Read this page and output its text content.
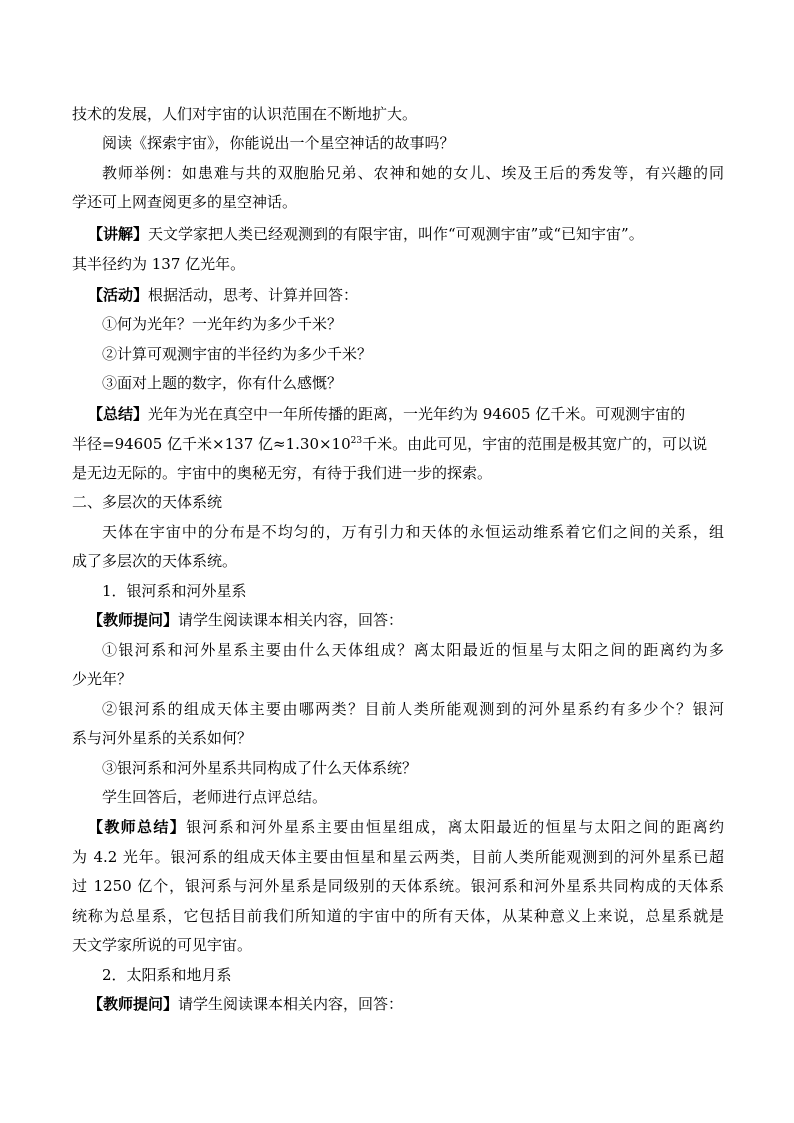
技术的发展，人们对宇宙的认识范围在不断地扩大。
阅读《探索宇宙》，你能说出一个星空神话的故事吗？
教师举例：如患难与共的双胞胎兄弟、农神和她的女儿、埃及王后的秀发等，有兴趣的同
学还可上网查阅更多的星空神话。
【讲解】天文学家把人类已经观测到的有限宇宙，叫作“可观测宇宙”或“已知宇宙”。
其半径约为 137 亿光年。
【活动】根据活动，思考、计算并回答：
①何为光年？一光年约为多少千米？
②计算可观测宇宙的半径约为多少千米？
③面对上题的数字，你有什么感慨？
【总结】光年为光在真空中一年所传播的距离，一光年约为 94605 亿千米。可观测宇宙的
半径=94605 亿千米×137 亿$\approx 1.30\times 10^{23}$千米。由此可见，宇宙的范围是极其宽广的，可以说
是无边无际的。宇宙中的奥秘无穷，有待于我们进一步的探索。
二、多层次的天体系统
天体在宇宙中的分布是不均匀的，万有引力和天体的永恒运动维系着它们之间的关系，组
成了多层次的天体系统。
1．银河系和河外星系
【教师提问】请学生阅读课本相关内容，回答：
①银河系和河外星系主要由什么天体组成？离太阳最近的恒星与太阳之间的距离约为多
少光年？
②银河系的组成天体主要由哪两类？目前人类所能观测到的河外星系约有多少个？银河
系与河外星系的关系如何？
③银河系和河外星系共同构成了什么天体系统？
学生回答后，老师进行点评总结。
【教师总结】银河系和河外星系主要由恒星组成，离太阳最近的恒星与太阳之间的距离约
为 4.2 光年。银河系的组成天体主要由恒星和星云两类，目前人类所能观测到的河外星系已超
过 1250 亿个，银河系与河外星系是同级别的天体系统。银河系和河外星系共同构成的天体系
统称为总星系，它包括目前我们所知道的宇宙中的所有天体，从某种意义上来说，总星系就是
天文学家所说的可见宇宙。
2．太阳系和地月系
【教师提问】请学生阅读课本相关内容，回答：
